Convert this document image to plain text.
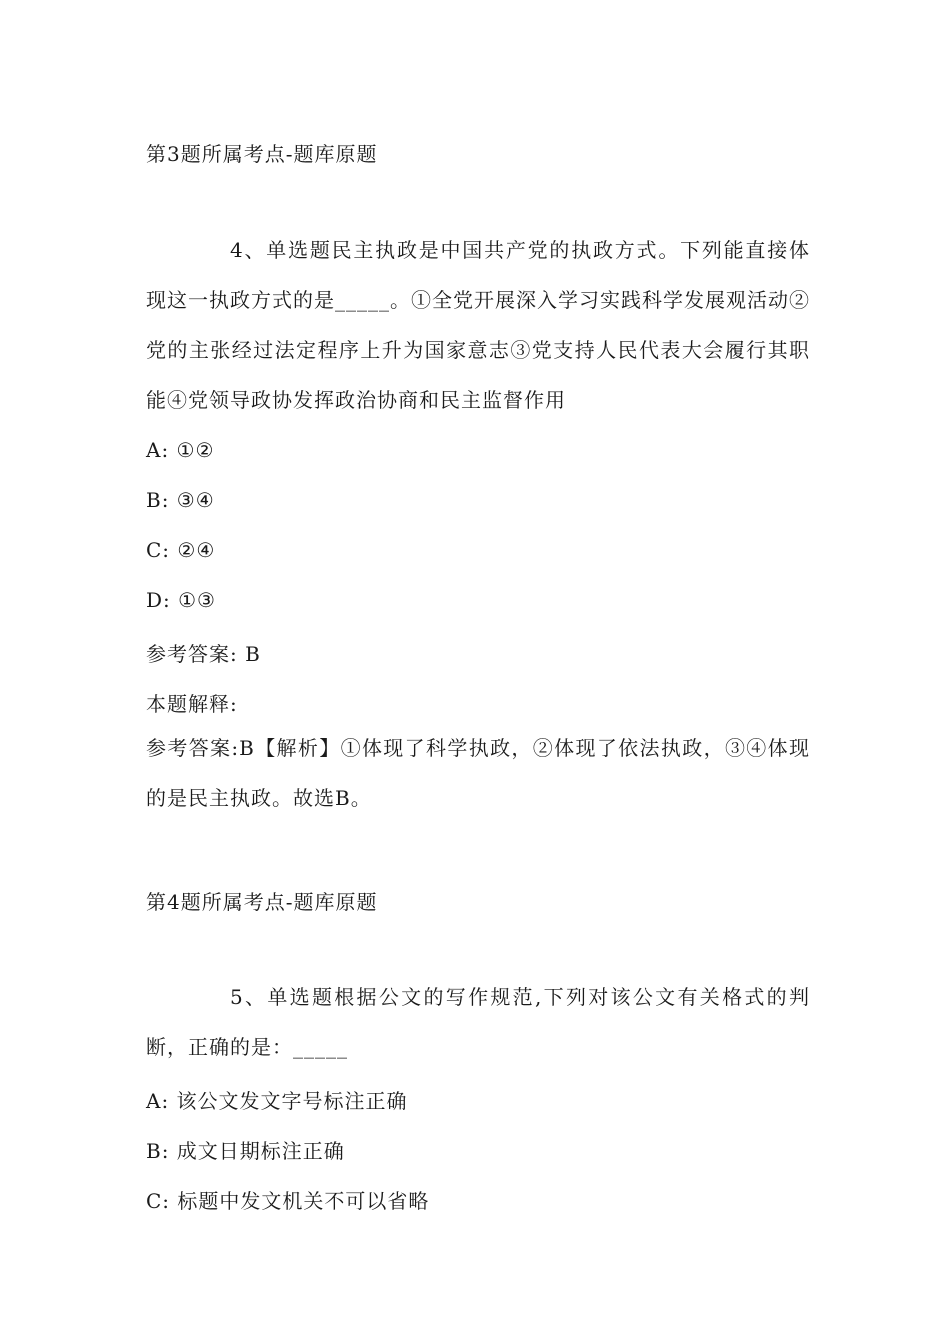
第3题所属考点-题库原题

4、单选题民主执政是中国共产党的执政方式。下列能直接体现这一执政方式的是_____。①全党开展深入学习实践科学发展观活动②党的主张经过法定程序上升为国家意志③党支持人民代表大会履行其职能④党领导政协发挥政治协商和民主监督作用

A: ①②
B: ③④
C: ②④
D: ①③
参考答案: B
本题解释:

参考答案:B【解析】①体现了科学执政，②体现了依法执政，③④体现的是民主执政。故选B。

第4题所属考点-题库原题

5、单选题根据公文的写作规范,下列对该公文有关格式的判断，正确的是：_____

A: 该公文发文字号标注正确
B: 成文日期标注正确
C: 标题中发文机关不可以省略
